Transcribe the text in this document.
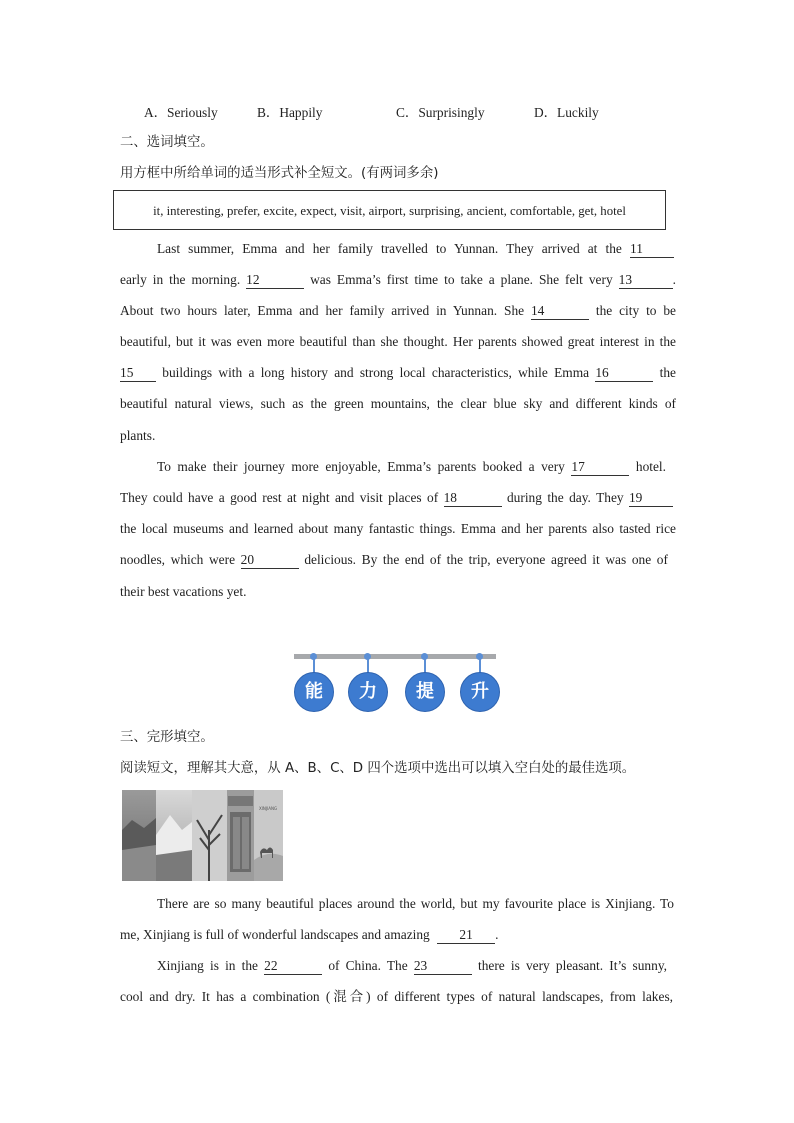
A．Seriously	B．Happily	C．Surprisingly	D．Luckily
二、选词填空。
用方框中所给单词的适当形式补全短文。(有两词多余)
it, interesting, prefer, excite, expect, visit, airport, surprising, ancient, comfortable, get, hotel
Last summer, Emma and her family travelled to Yunnan. They arrived at the 11
early in the morning. 12	was Emma’s first time to take a plane. She felt very 13	.
About two hours later, Emma and her family arrived in Yunnan. She 14	the city to be
beautiful, but it was even more beautiful than she thought. Her parents showed great interest in the
15 buildings with a long history and strong local characteristics, while Emma 16	the
beautiful natural views, such as the green mountains, the clear blue sky and different kinds of
plants.
To make their journey more enjoyable, Emma’s parents booked a very 17	hotel.
They could have a good rest at night and visit places of 18	during the day. They 19
the local museums and learned about many fantastic things. Emma and her parents also tasted rice
noodles, which were 20	delicious. By the end of the trip, everyone agreed it was one of
their best vacations yet.
能	力	提	升
三、完形填空。
阅读短文，理解其大意，从 A、B、C、D 四个选项中选出可以填入空白处的最佳选项。
XINJIANG
There are so many beautiful places around the world, but my favourite place is Xinjiang. To
me, Xinjiang is full of wonderful landscapes and amazing 21 .
Xinjiang is in the 22	of China. The 23	there is very pleasant. It’s sunny,
cool and dry. It has a combination (混合) of different types of natural landscapes, from lakes,
